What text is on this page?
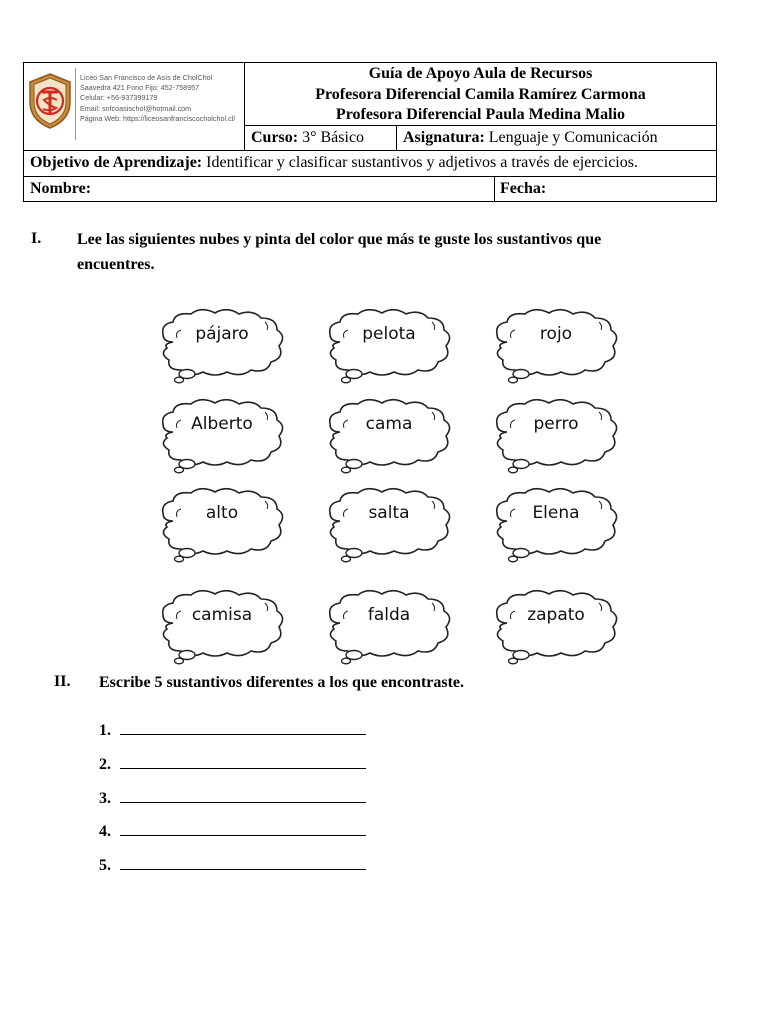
Liceo San Francisco de Asís de CholChol
Saavedra 421 Fono Fijo: 452-758957
Celular: +56-937399179
Email: snfcoasischol@hotmail.com
Página Web: https://liceosanfranciscocholchol.cl/
Guía de Apoyo Aula de Recursos
Profesora Diferencial Camila Ramírez Carmona
Profesora Diferencial Paula Medina Malio
Curso: 3° Básico Asignatura: Lenguaje y Comunicación
Objetivo de Aprendizaje: Identificar y clasificar sustantivos y adjetivos a través de ejercicios.
Nombre:	Fecha:
I. Lee las siguientes nubes y pinta del color que más te guste los sustantivos que
encuentres.
pájaro	pelota	rojo
Alberto	cama	perro
alto	salta	Elena
camisa	falda	zapato
II. Escribe 5 sustantivos diferentes a los que encontraste.
1.
2.
3.
4.
5.
